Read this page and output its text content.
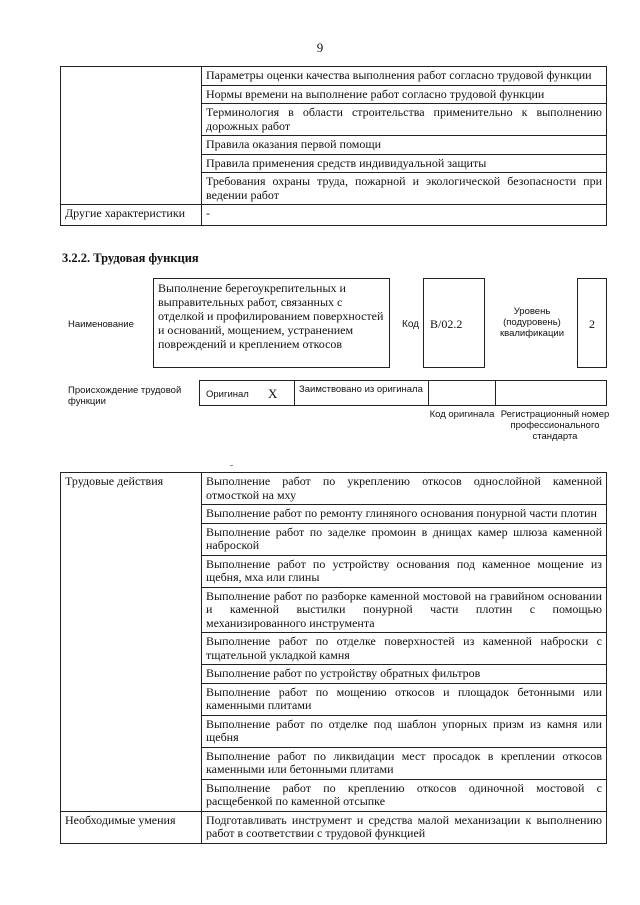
9
	Параметры оценки качества выполнения работ согласно трудовой функции
	Нормы времени на выполнение работ согласно трудовой функции
	Терминология в области строительства применительно к выполнению дорожных работ
	Правила оказания первой помощи
	Правила применения средств индивидуальной защиты
	Требования охраны труда, пожарной и экологической безопасности при ведении работ
Другие характеристики	-
3.2.2. Трудовая функция
Наименование
Выполнение берегоукрепительных и выправительных работ, связанных с отделкой и профилированием поверхностей и оснований, мощением, устранением повреждений и креплением откосов
Код B/02.2
Уровень (подуровень) квалификации
2
Происхождение трудовой функции
Оригинал X Заимствовано из оригинала
Код оригинала Регистрационный номер профессионального стандарта
Трудовые действия	Выполнение работ по укреплению откосов однослойной каменной отмосткой на мху
	Выполнение работ по ремонту глиняного основания понурной части плотин
	Выполнение работ по заделке промоин в днищах камер шлюза каменной наброской
	Выполнение работ по устройству основания под каменное мощение из щебня, мха или глины
	Выполнение работ по разборке каменной мостовой на гравийном основании и каменной выстилки понурной части плотин с помощью механизированного инструмента
	Выполнение работ по отделке поверхностей из каменной наброски с тщательной укладкой камня
	Выполнение работ по устройству обратных фильтров
	Выполнение работ по мощению откосов и площадок бетонными или каменными плитами
	Выполнение работ по отделке под шаблон упорных призм из камня или щебня
	Выполнение работ по ликвидации мест просадок в креплении откосов каменными или бетонными плитами
	Выполнение работ по креплению откосов одиночной мостовой с расщебенкой по каменной отсыпке
Необходимые умения	Подготавливать инструмент и средства малой механизации к выполнению работ в соответствии с трудовой функцией
